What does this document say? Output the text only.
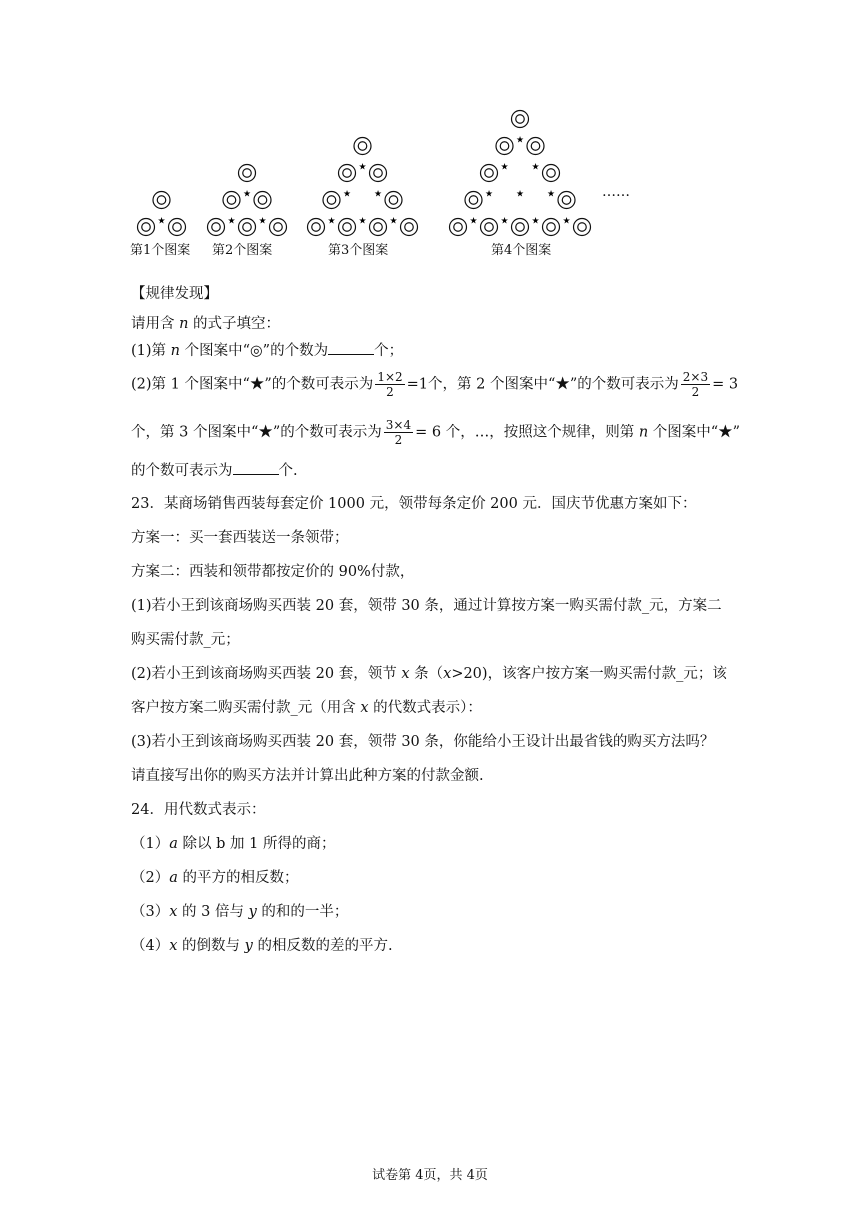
★
★
★	★
★
★	★
★	★	★
★
★	★
★	★	★
★	★	★	★
第1个图案 第2个图案	第3个图案	第4个图案
……
【规律发现】
请用含 n 的式子填空：
(1)第 n 个图案中“◎”的个数为	个；
(2)第 1 个图案中“★”的个数可表示为 $\frac{1\times 2}{2} =1$个，第 2 个图案中“★”的个数可表示为 $\frac{2\times 3}{2} = 3$
个，第 3 个图案中“★”的个数可表示为 $\frac{3\times 4}{2} = 6$ 个，…，按照这个规律，则第 n 个图案中“★”
的个数可表示为	个.
23．某商场销售西装每套定价 1000 元，领带每条定价 200 元．国庆节优惠方案如下：
方案一：买一套西装送一条领带；
方案二：西装和领带都按定价的 90%付款，
(1)若小王到该商场购买西装 20 套，领带 30 条，通过计算按方案一购买需付款_元，方案二
购买需付款_元；
(2)若小王到该商场购买西装 20 套，领节 x 条（x>20)，该客户按方案一购买需付款_元；该
客户按方案二购买需付款_元（用含 x 的代数式表示）：
(3)若小王到该商场购买西装 20 套，领带 30 条，你能给小王设计出最省钱的购买方法吗？
请直接写出你的购买方法并计算出此种方案的付款金额.
24．用代数式表示：
（1）a 除以 b 加 1 所得的商；
（2）a 的平方的相反数；
（3）x 的 3 倍与 y 的和的一半；
（4）x 的倒数与 y 的相反数的差的平方.
试卷第 4页，共 4页
